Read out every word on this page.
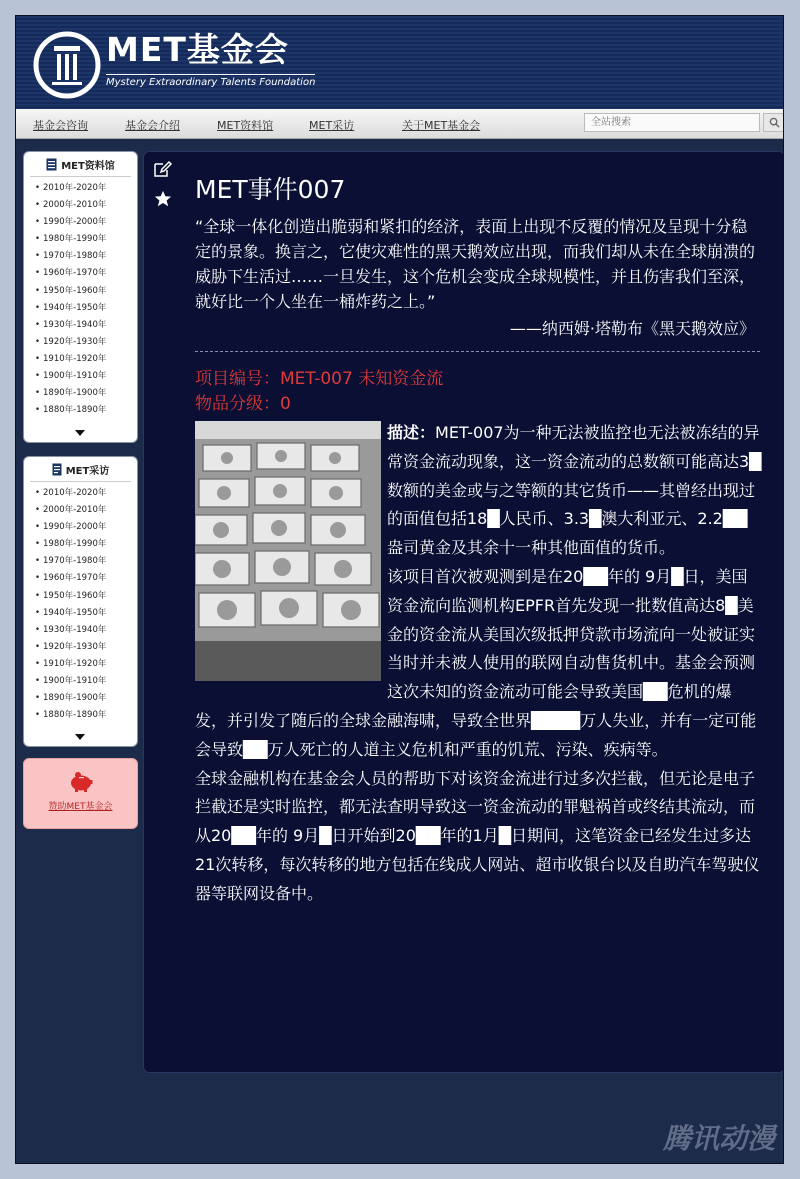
MET基金会
Mystery Extraordinary Talents Foundation
基金会咨询	基金会介绍	MET资料馆	MET采访	关于MET基金会
全站搜索
MET资料馆
• 2010年-2020年
• 2000年-2010年
• 1990年-2000年
• 1980年-1990年
• 1970年-1980年
• 1960年-1970年
• 1950年-1960年
• 1940年-1950年
• 1930年-1940年
• 1920年-1930年
• 1910年-1920年
• 1900年-1910年
• 1890年-1900年
• 1880年-1890年
MET采访
• 2010年-2020年
• 2000年-2010年
• 1990年-2000年
• 1980年-1990年
• 1970年-1980年
• 1960年-1970年
• 1950年-1960年
• 1940年-1950年
• 1930年-1940年
• 1920年-1930年
• 1910年-1920年
• 1900年-1910年
• 1890年-1900年
• 1880年-1890年
赞助MET基金会

MET事件007

“全球一体化创造出脆弱和紧扣的经济，表面上出现不反覆的情况及呈现十分稳定的景象。换言之，它使灾难性的黑天鹅效应出现，而我们却从未在全球崩溃的威胁下生活过……一旦发生，这个危机会变成全球规模性，并且伤害我们至深，就好比一个人坐在一桶炸药之上。”

——纳西姆·塔勒布《黑天鹅效应》
项目编号：MET-007 未知资金流
物品分级：0

描述：MET-007为一种无法被监控也无法被冻结的异常资金流动现象，这一资金流动的总数额可能高达3█数额的美金或与之等额的其它货币——其曾经出现过的面值包括18█人民币、3.3█澳大利亚元、2.2██盎司黄金及其余十一种其他面值的货币。

该项目首次被观测到是在20██年的 9月█日，美国资金流向监测机构EPFR首先发现一批数值高达8█美金的资金流从美国次级抵押贷款市场流向一处被证实当时并未被人使用的联网自动售货机中。基金会预测这次未知的资金流动可能会导致美国██危机的爆发，并引发了随后的全球金融海啸，导致全世界████万人失业，并有一定可能会导致██万人死亡的人道主义危机和严重的饥荒、污染、疾病等。

全球金融机构在基金会人员的帮助下对该资金流进行过多次拦截，但无论是电子拦截还是实时监控，都无法查明导致这一资金流动的罪魁祸首或终结其流动，而从20██年的 9月█日开始到20██年的1月█日期间，这笔资金已经发生过多达21次转移，每次转移的地方包括在线成人网站、超市收银台以及自助汽车驾驶仪器等联网设备中。

腾讯动漫
